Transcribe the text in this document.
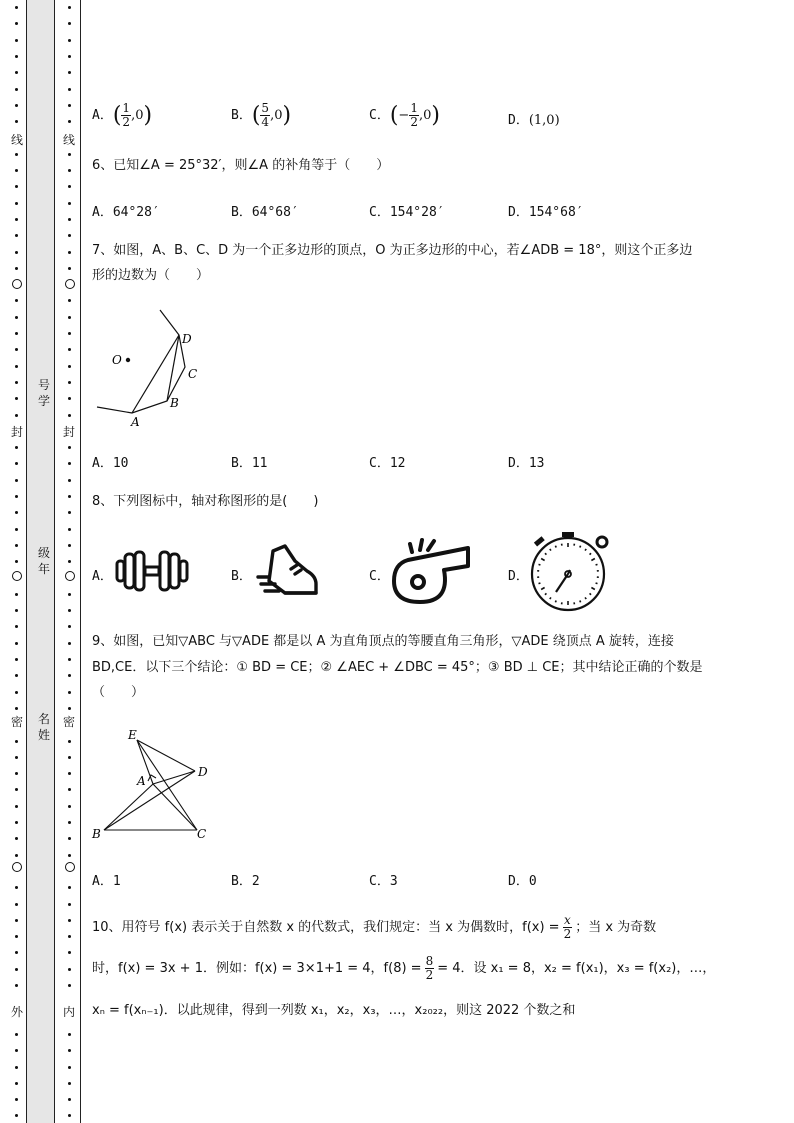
线
封
密
外
线
封
密
内
号学
级年
名姓
A．( $\frac{1}{2} ,0$)	B．( $\frac{5}{4} ,0$)	C．(− $\frac{1}{2} ,0$)	D．(1,0)
6、已知∠A = 25°32′，则∠A 的补角等于（　　）
A．64°28′	B．64°68′	C．154°28′	D．154°68′
7、如图，A、B、C、D 为一个正多边形的顶点，O 为正多边形的中心，若∠ADB = 18°，则这个正多边
形的边数为（　　）
O
D
C
B
A
A．10	B．11	C．12	D．13
8、下列图标中，轴对称图形的是(　　)
A．	B．	C．	D．
9、如图，已知▽ABC 与▽ADE 都是以 A 为直角顶点的等腰直角三角形，▽ADE 绕顶点 A 旋转，连接
BD,CE．以下三个结论：① BD = CE；② ∠AEC + ∠DBC = 45°；③ BD ⊥ CE；其中结论正确的个数是
（　　）
E
D
A
B	C
A．1	B．2	C．3	D．0
10、用符号 f(x) 表示关于自然数 x 的代数式，我们规定：当 x 为偶数时，$f(x) = \frac{x}{2}$ ；当 x 为奇数
时，f(x) = 3x + 1．例如：f(x) = 3×1+1 = 4，$f(8) = \frac{8}{2} = 4$．设 x₁ = 8，x₂ = f(x₁)，x₃ = f(x₂)，…，
xₙ = f(xₙ₋₁)．以此规律，得到一列数 x₁，x₂，x₃，…，x₂₀₂₂，则这 2022 个数之和
